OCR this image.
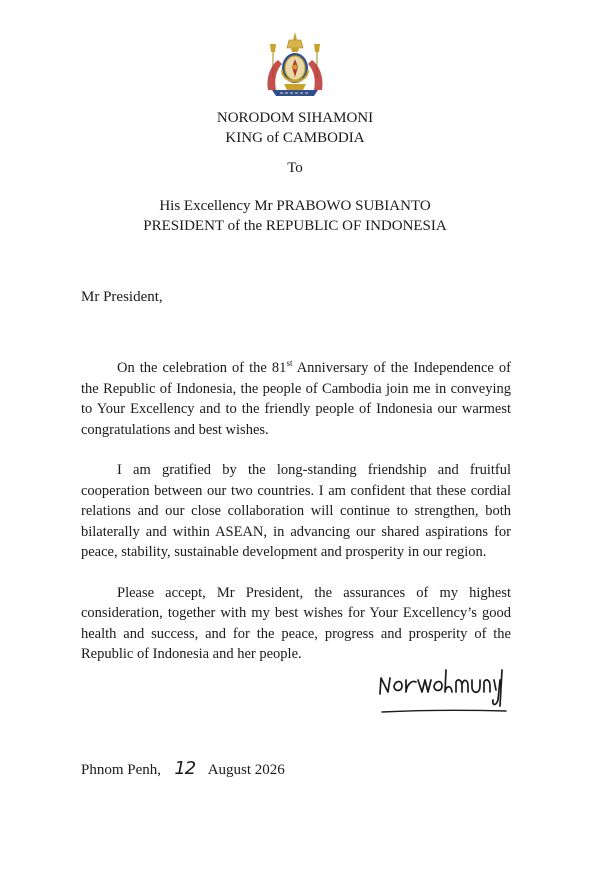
NORODOM SIHAMONI
KING of CAMBODIA
To
His Excellency Mr PRABOWO SUBIANTO
PRESIDENT of the REPUBLIC OF INDONESIA
Mr President,

On the celebration of the 81st Anniversary of the Independence of the Republic of Indonesia, the people of Cambodia join me in conveying to Your Excellency and to the friendly people of Indonesia our warmest congratulations and best wishes.

I am gratified by the long-standing friendship and fruitful cooperation between our two countries. I am confident that these cordial relations and our close collaboration will continue to strengthen, both bilaterally and within ASEAN, in advancing our shared aspirations for peace, stability, sustainable development and prosperity in our region.

Please accept, Mr President, the assurances of my highest consideration, together with my best wishes for Your Excellency’s good health and success, and for the peace, progress and prosperity of the Republic of Indonesia and her people.

Phnom Penh, 12 August 2026
